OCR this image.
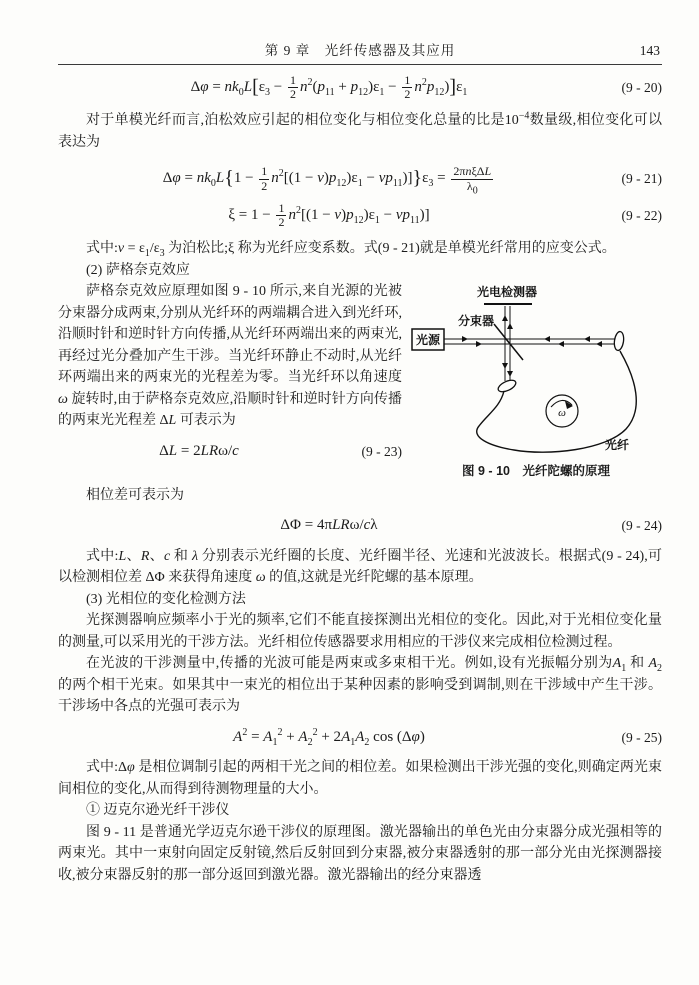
第 9 章　光纤传感器及其应用	143
$\Delta\varphi = nk_0L[\varepsilon_3 - \frac{1}{2} n^2(p_{11} + p_{12})\varepsilon_1 - \frac{1}{2} n^2p_{12})]\varepsilon_1$	(9 - 20)

对于单模光纤而言,泊松效应引起的相位变化与相位变化总量的比是$10^{-4}$数量级,相位变化可以表达为

$\Delta\varphi = nk_0L\{1 - \frac{1}{2} n^2[(1 - \nu)p_{12})\varepsilon_1 - \nu p_{11})]\}\varepsilon_3 = \frac{\text{2πnξΔL}}{\lambda_0}$	(9 - 21)
$\xi = 1 - \frac{1}{2} n^2[(1 - \nu)p_{12})\varepsilon_1 - \nu p_{11}$)]	(9 - 22)

式中:ν = $\varepsilon_1/\varepsilon_3$ 为泊松比;ξ 称为光纤应变系数。式(9 - 21)就是单模光纤常用的应变公式。

(2) 萨格奈克效应

光电检测器
分束器
光源
ω
光纤
图 9 - 10　光纤陀螺的原理

萨格奈克效应原理如图 9 - 10 所示,来自光源的光被分束器分成两束,分别从光纤环的两端耦合进入到光纤环,沿顺时针和逆时针方向传播,从光纤环两端出来的两束光,再经过光分叠加产生干涉。当光纤环静止不动时,从光纤环两端出来的两束光的光程差为零。当光纤环以角速度 ω 旋转时,由于萨格奈克效应,沿顺时针和逆时针方向传播的两束光光程差 ΔL 可表示为

ΔL = 2LRω/c	(9 - 23)

相位差可表示为

ΔΦ = 4πLRω/cλ	(9 - 24)

式中:L、R、c 和 λ 分别表示光纤圈的长度、光纤圈半径、光速和光波波长。根据式(9 - 24),可以检测相位差 ΔΦ 来获得角速度 ω 的值,这就是光纤陀螺的基本原理。

(3) 光相位的变化检测方法

光探测器响应频率小于光的频率,它们不能直接探测出光相位的变化。因此,对于光相位变化量的测量,可以采用光的干涉方法。光纤相位传感器要求用相应的干涉仪来完成相位检测过程。

在光波的干涉测量中,传播的光波可能是两束或多束相干光。例如,设有光振幅分别为$A_1$ 和 $A_2$ 的两个相干光束。如果其中一束光的相位出于某种因素的影响受到调制,则在干涉域中产生干涉。干涉场中各点的光强可表示为

$A^2 = A_1^2 + A_2^2 + 2A_1A_2$ cos (Δφ)	(9 - 25)

式中:Δφ 是相位调制引起的两相干光之间的相位差。如果检测出干涉光强的变化,则确定两光束间相位的变化,从而得到待测物理量的大小。

① 迈克尔逊光纤干涉仪

图 9 - 11 是普通光学迈克尔逊干涉仪的原理图。激光器输出的单色光由分束器分成光强相等的两束光。其中一束射向固定反射镜,然后反射回到分束器,被分束器透射的那一部分光由光探测器接收,被分束器反射的那一部分返回到激光器。激光器输出的经分束器透
